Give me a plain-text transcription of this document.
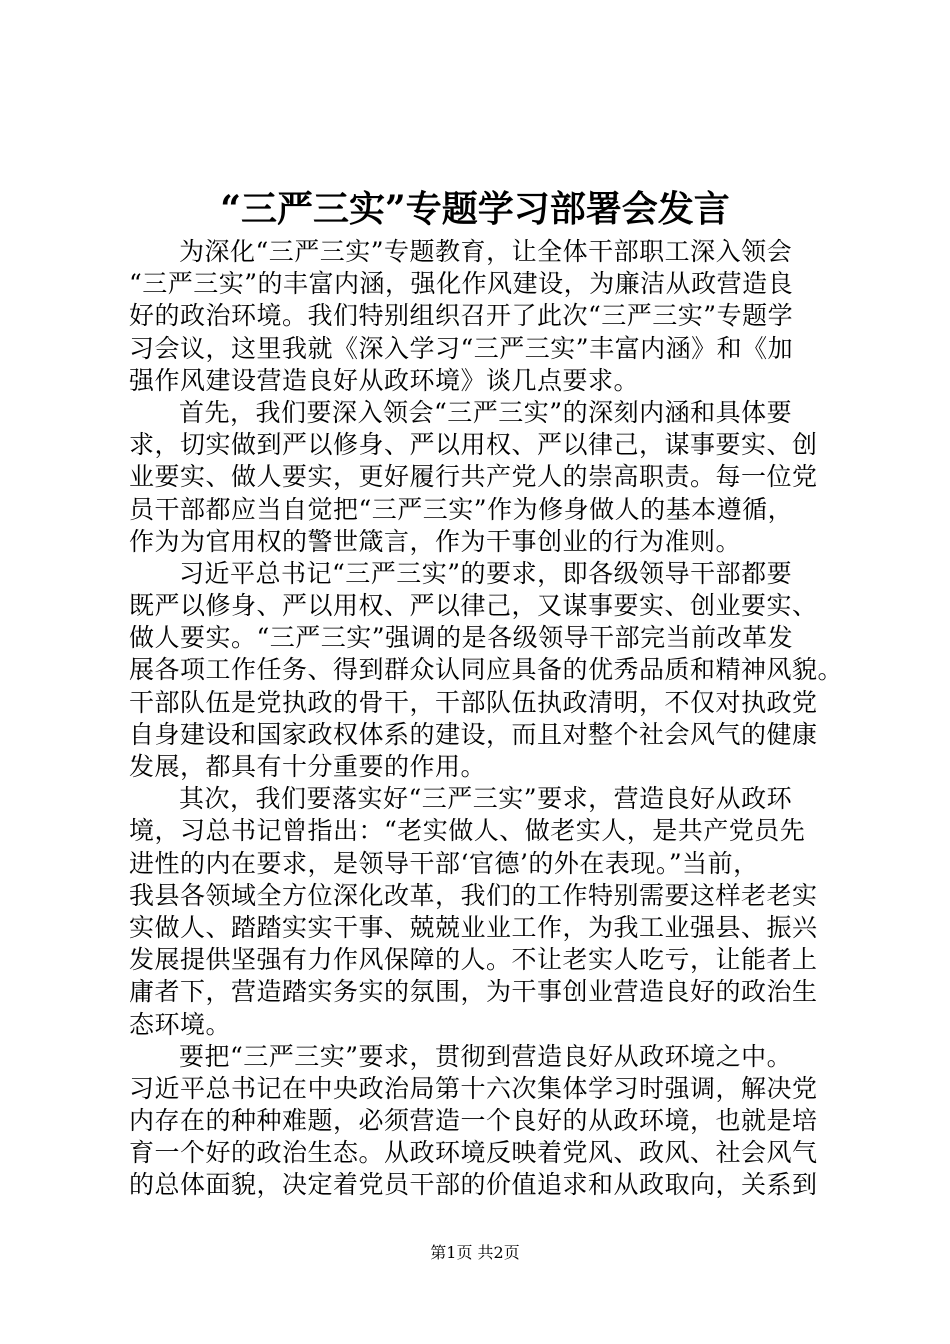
“三严三实”专题学习部署会发言
为深化“三严三实”专题教育，让全体干部职工深入领会
“三严三实”的丰富内涵，强化作风建设，为廉洁从政营造良
好的政治环境。我们特别组织召开了此次“三严三实”专题学
习会议，这里我就《深入学习“三严三实”丰富内涵》和《加
强作风建设营造良好从政环境》谈几点要求。
首先，我们要深入领会“三严三实”的深刻内涵和具体要
求，切实做到严以修身、严以用权、严以律己，谋事要实、创
业要实、做人要实，更好履行共产党人的崇高职责。每一位党
员干部都应当自觉把“三严三实”作为修身做人的基本遵循，
作为为官用权的警世箴言，作为干事创业的行为准则。
习近平总书记“三严三实”的要求，即各级领导干部都要
既严以修身、严以用权、严以律己，又谋事要实、创业要实、
做人要实。“三严三实”强调的是各级领导干部完当前改革发
展各项工作任务、得到群众认同应具备的优秀品质和精神风貌。
干部队伍是党执政的骨干，干部队伍执政清明，不仅对执政党
自身建设和国家政权体系的建设，而且对整个社会风气的健康
发展，都具有十分重要的作用。
其次，我们要落实好“三严三实”要求，营造良好从政环
境，习总书记曾指出：“老实做人、做老实人，是共产党员先
进性的内在要求，是领导干部‘官德’的外在表现。”当前，
我县各领域全方位深化改革，我们的工作特别需要这样老老实
实做人、踏踏实实干事、兢兢业业工作，为我工业强县、振兴
发展提供坚强有力作风保障的人。不让老实人吃亏，让能者上
庸者下，营造踏实务实的氛围，为干事创业营造良好的政治生
态环境。
要把“三严三实”要求，贯彻到营造良好从政环境之中。
习近平总书记在中央政治局第十六次集体学习时强调，解决党
内存在的种种难题，必须营造一个良好的从政环境，也就是培
育一个好的政治生态。从政环境反映着党风、政风、社会风气
的总体面貌，决定着党员干部的价值追求和从政取向，关系到
第1页 共2页
